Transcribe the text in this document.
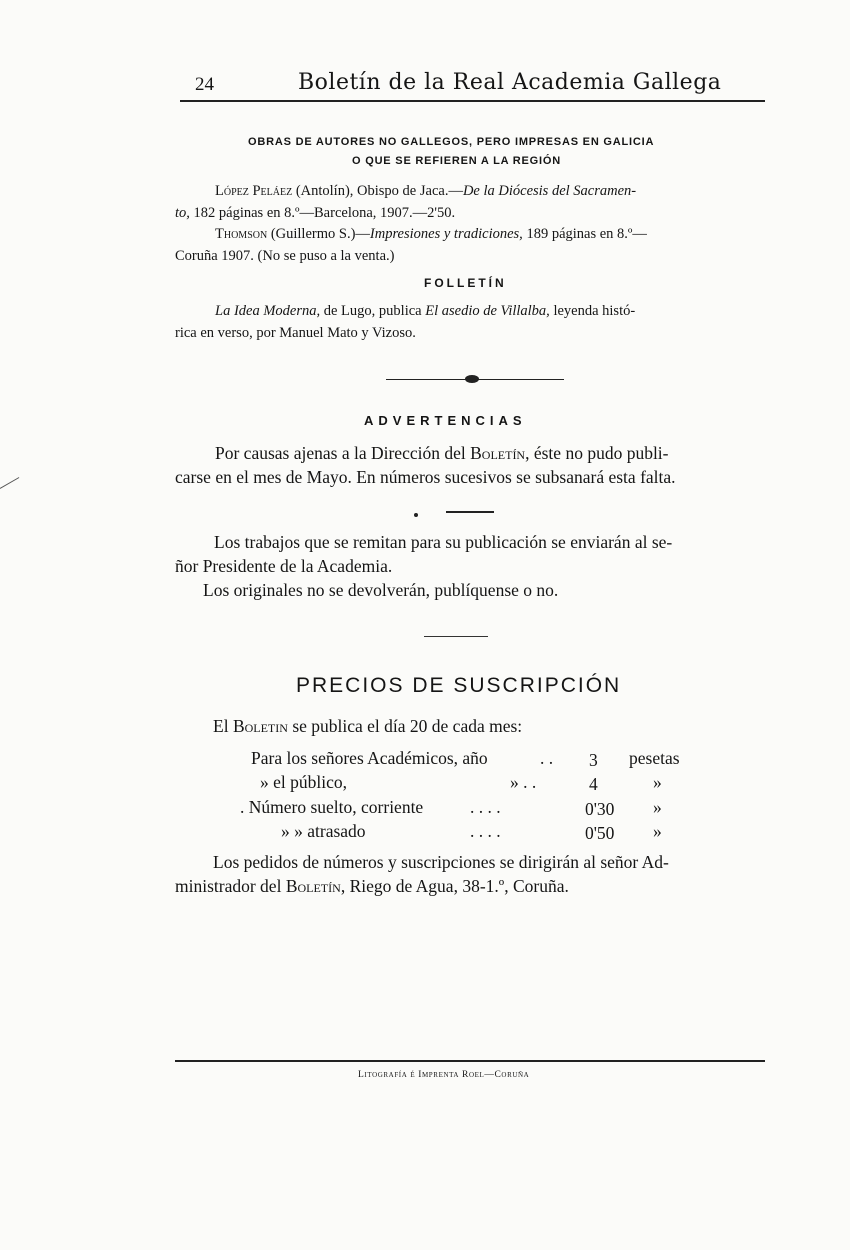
24	Boletín de la Real Academia Gallega
OBRAS DE AUTORES NO GALLEGOS, PERO IMPRESAS EN GALICIA
O QUE SE REFIEREN A LA REGIÓN
López Peláez (Antolín), Obispo de Jaca.—De la Diócesis del Sacramen-
to, 182 páginas en 8.º—Barcelona, 1907.—2'50.
Thomson (Guillermo S.)—Impresiones y tradiciones, 189 páginas en 8.º—
Coruña 1907. (No se puso a la venta.)
FOLLETÍN
La Idea Moderna, de Lugo, publica El asedio de Villalba, leyenda histó-
rica en verso, por Manuel Mato y Vizoso.
ADVERTENCIAS
Por causas ajenas a la Dirección del Boletín, éste no pudo publi-
carse en el mes de Mayo. En números sucesivos se subsanará esta falta.
Los trabajos que se remitan para su publicación se enviarán al se-
ñor Presidente de la Academia.
Los originales no se devolverán, publíquense o no.
PRECIOS DE SUSCRIPCIÓN
El Boletin se publica el día 20 de cada mes:
Para los señores Académicos, año	. . 3 pesetas
» el público,	» . .	4	»
. Número suelto, corriente	. . . .	0'30 »
» » atrasado	. . . .	0'50 »
Los pedidos de números y suscripciones se dirigirán al señor Ad-
ministrador del Boletín, Riego de Agua, 38-1.º, Coruña.
Litografía é Imprenta Roel—Coruña
